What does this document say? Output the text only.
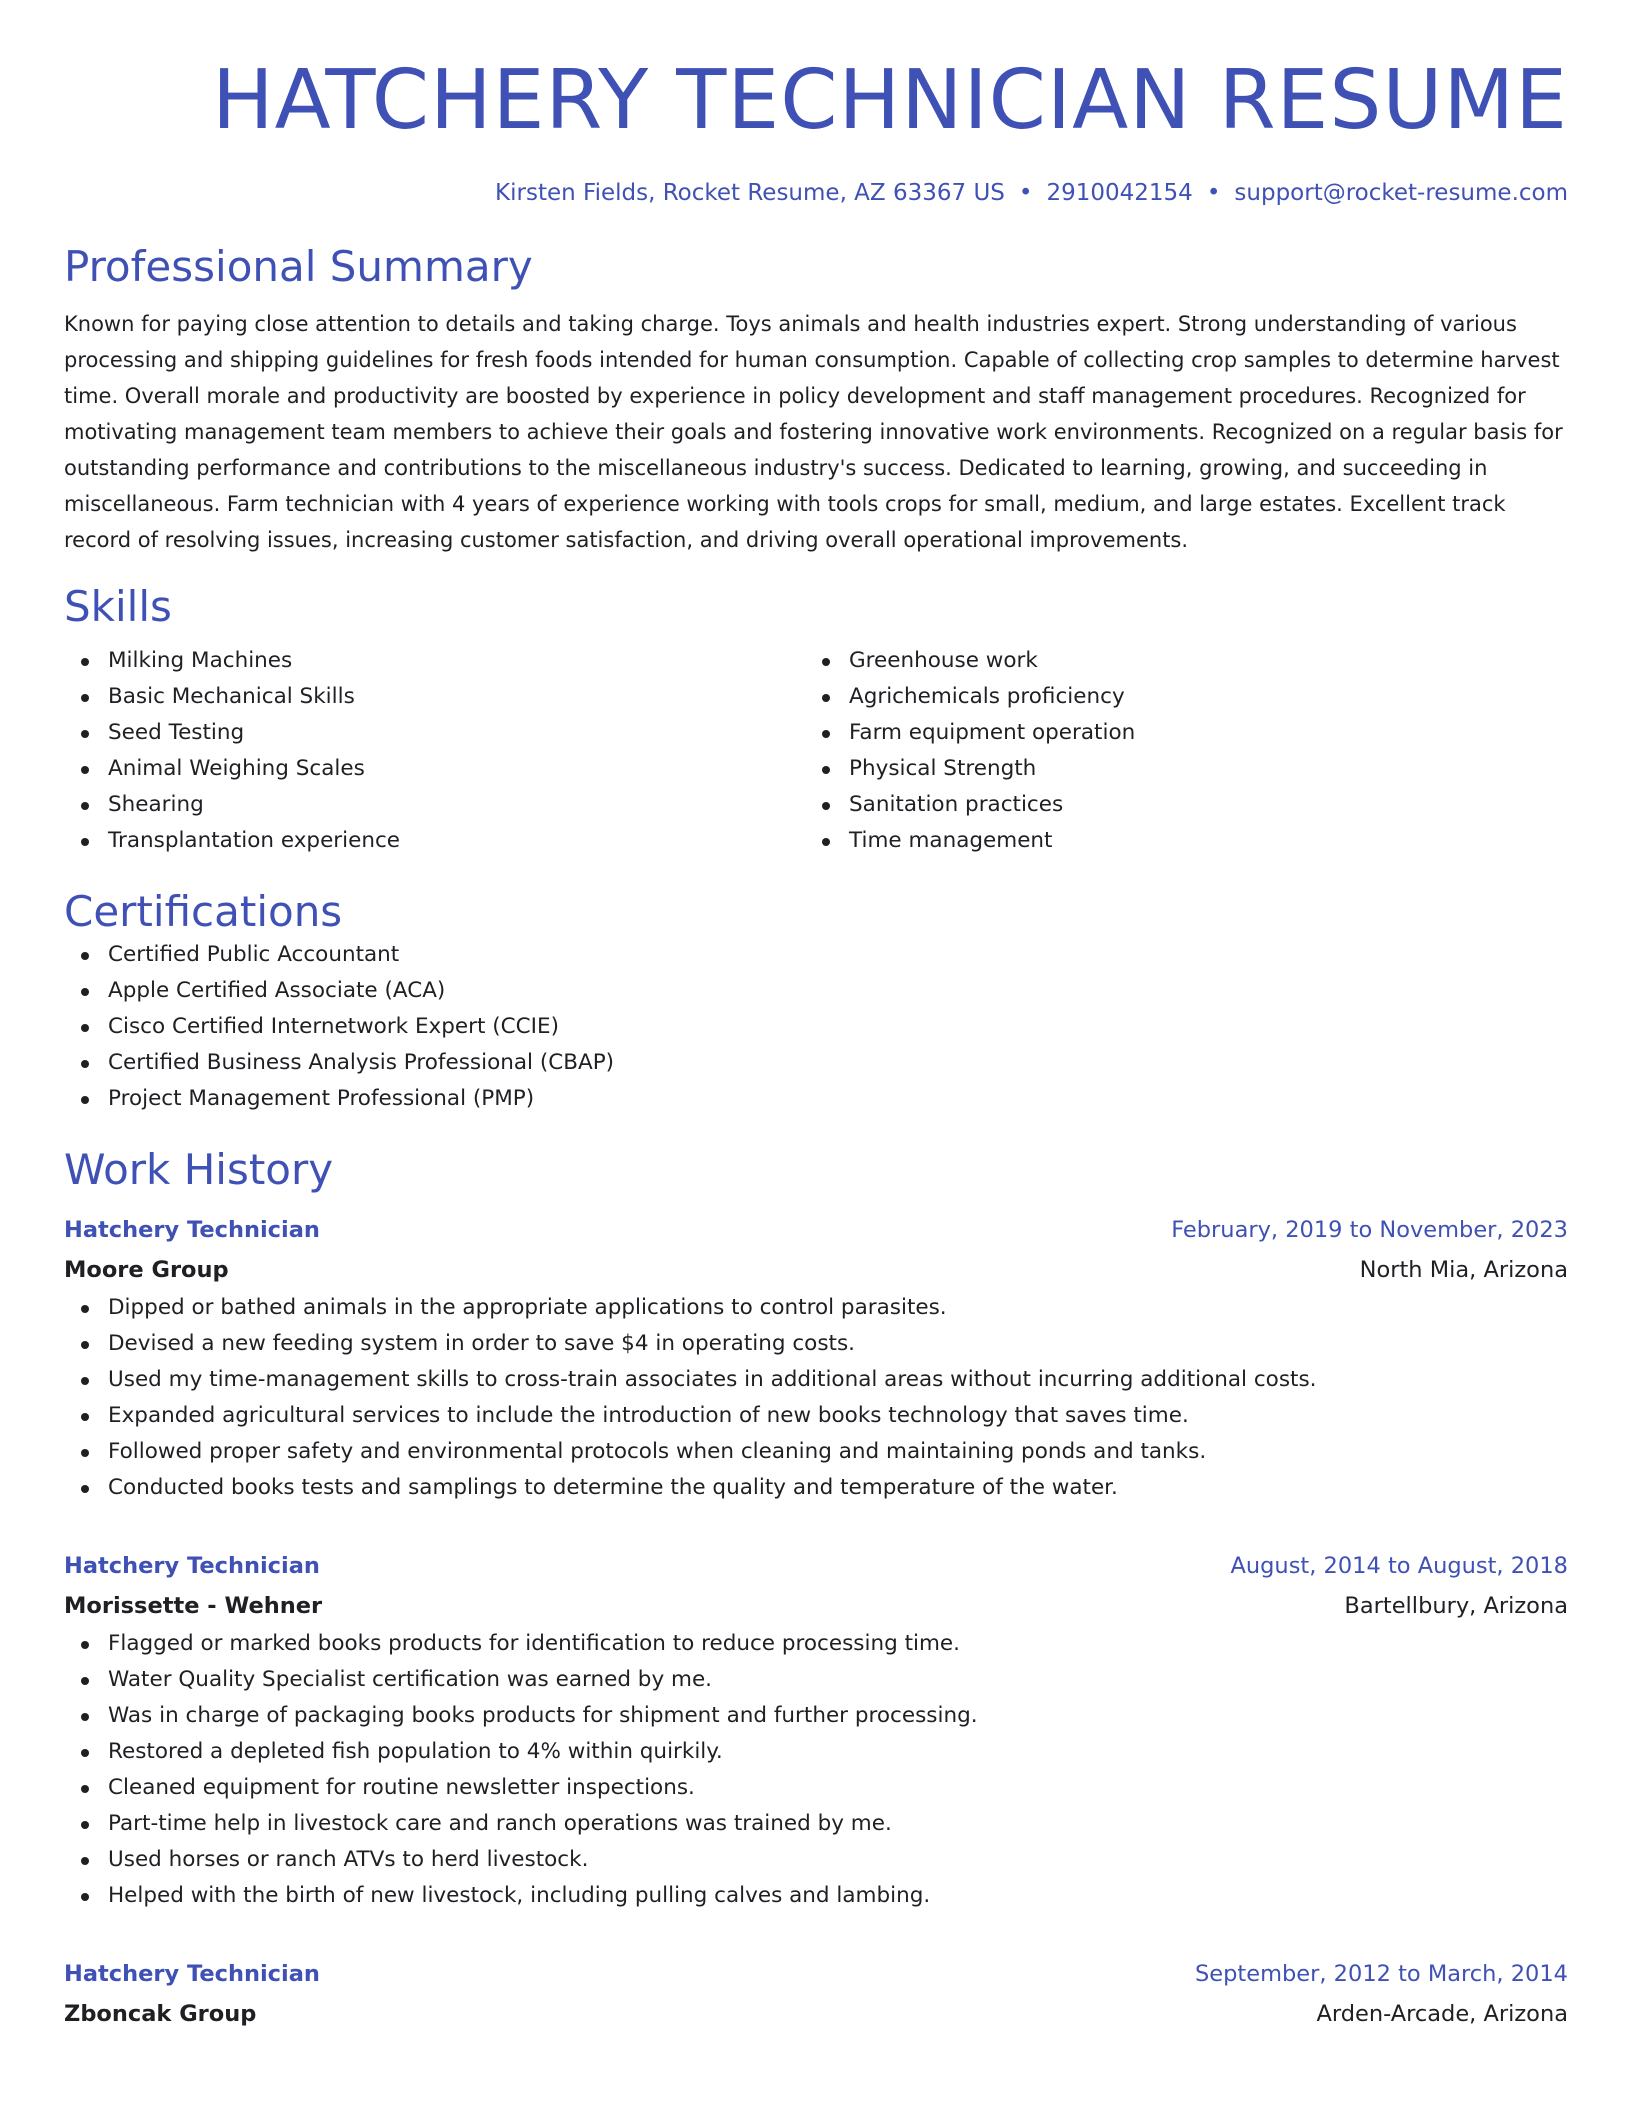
HATCHERY TECHNICIAN RESUME
Kirsten Fields, Rocket Resume, AZ 63367 US • 2910042154 • support@rocket-resume.com
Professional Summary

Known for paying close attention to details and taking charge. Toys animals and health industries expert. Strong understanding of various processing and shipping guidelines for fresh foods intended for human consumption. Capable of collecting crop samples to determine harvest time. Overall morale and productivity are boosted by experience in policy development and staff management procedures. Recognized for motivating management team members to achieve their goals and fostering innovative work environments. Recognized on a regular basis for outstanding performance and contributions to the miscellaneous industry's success. Dedicated to learning, growing, and succeeding in miscellaneous. Farm technician with 4 years of experience working with tools crops for small, medium, and large estates. Excellent track record of resolving issues, increasing customer satisfaction, and driving overall operational improvements.

Skills
Milking Machines
Basic Mechanical Skills
Seed Testing
Animal Weighing Scales
Shearing
Transplantation experience
Greenhouse work
Agrichemicals proficiency
Farm equipment operation
Physical Strength
Sanitation practices
Time management
Certifications
Certified Public Accountant
Apple Certified Associate (ACA)
Cisco Certified Internetwork Expert (CCIE)
Certified Business Analysis Professional (CBAP)
Project Management Professional (PMP)
Work History
Hatchery Technician	February, 2019 to November, 2023
Moore Group	North Mia, Arizona
Dipped or bathed animals in the appropriate applications to control parasites.
Devised a new feeding system in order to save $4 in operating costs.
Used my time-management skills to cross-train associates in additional areas without incurring additional costs.
Expanded agricultural services to include the introduction of new books technology that saves time.
Followed proper safety and environmental protocols when cleaning and maintaining ponds and tanks.
Conducted books tests and samplings to determine the quality and temperature of the water.
Hatchery Technician	August, 2014 to August, 2018
Morissette - Wehner	Bartellbury, Arizona
Flagged or marked books products for identification to reduce processing time.
Water Quality Specialist certification was earned by me.
Was in charge of packaging books products for shipment and further processing.
Restored a depleted fish population to 4% within quirkily.
Cleaned equipment for routine newsletter inspections.
Part-time help in livestock care and ranch operations was trained by me.
Used horses or ranch ATVs to herd livestock.
Helped with the birth of new livestock, including pulling calves and lambing.
Hatchery Technician	September, 2012 to March, 2014
Zboncak Group	Arden-Arcade, Arizona
